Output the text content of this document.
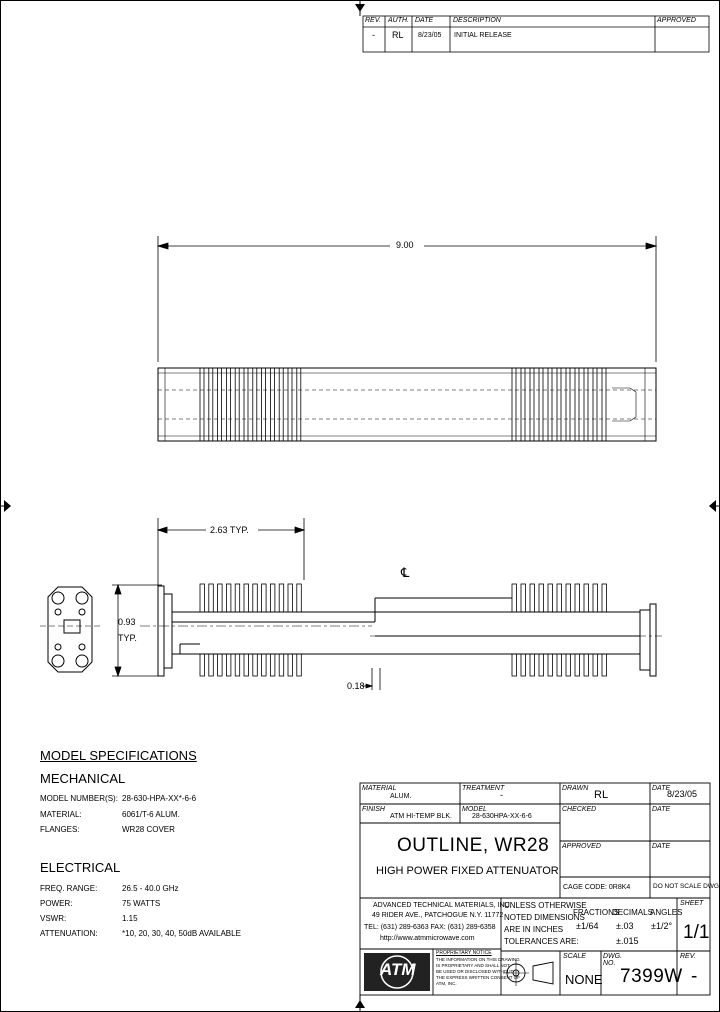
REV. AUTH. DATE	DESCRIPTION	APPROVED
- RL 8/23/05 INITIAL RELEASE
9.00
2.63 TYP.
0.93
TYP.
0.18
℄
MODEL SPECIFICATIONS
MECHANICAL
MODEL NUMBER(S): 28-630-HPA-XX*-6-6
MATERIAL:	6061/T-6 ALUM.
FLANGES:	WR28 COVER
ELECTRICAL
FREQ. RANGE:	26.5 - 40.0 GHz
POWER:	75 WATTS
VSWR:	1.15
ATTENUATION:	*10, 20, 30, 40, 50dB AVAILABLE
MATERIAL
ALUM.
TREATMENT
-
FINISH
ATM HI-TEMP BLK.
MODEL
28-630HPA-XX-6-6
OUTLINE, WR28
HIGH POWER FIXED ATTENUATOR
DRAWN
RL
DATE
8/23/05
CHECKED	DATE
APPROVED	DATE
CAGE CODE: 0R8K4	DO NOT SCALE DWG
ADVANCED TECHNICAL MATERIALS, INC.
49 RIDER AVE., PATCHOGUE N.Y. 11772
TEL: (631) 289-6363 FAX: (631) 289-6358
http://www.atmmicrowave.com
ATM
PROPRIETARY NOTICE
THE INFORMATION ON THIS DRAWING
IS PROPRIETARY AND SHALL NOT
BE USED OR DISCLOSED WITHOUT
THE EXPRESS WRITTEN CONSENT OF
ATM, INC.
UNLESS OTHERWISE
NOTED DIMENSIONS
ARE IN INCHES
TOLERANCES ARE:
FRACTIONS
±1/64
DECIMALS
±.03
±.015
ANGLES
±1/2°
SHEET
1/1
SCALE
NONE
DWG. NO.
7399W
REV.
-
